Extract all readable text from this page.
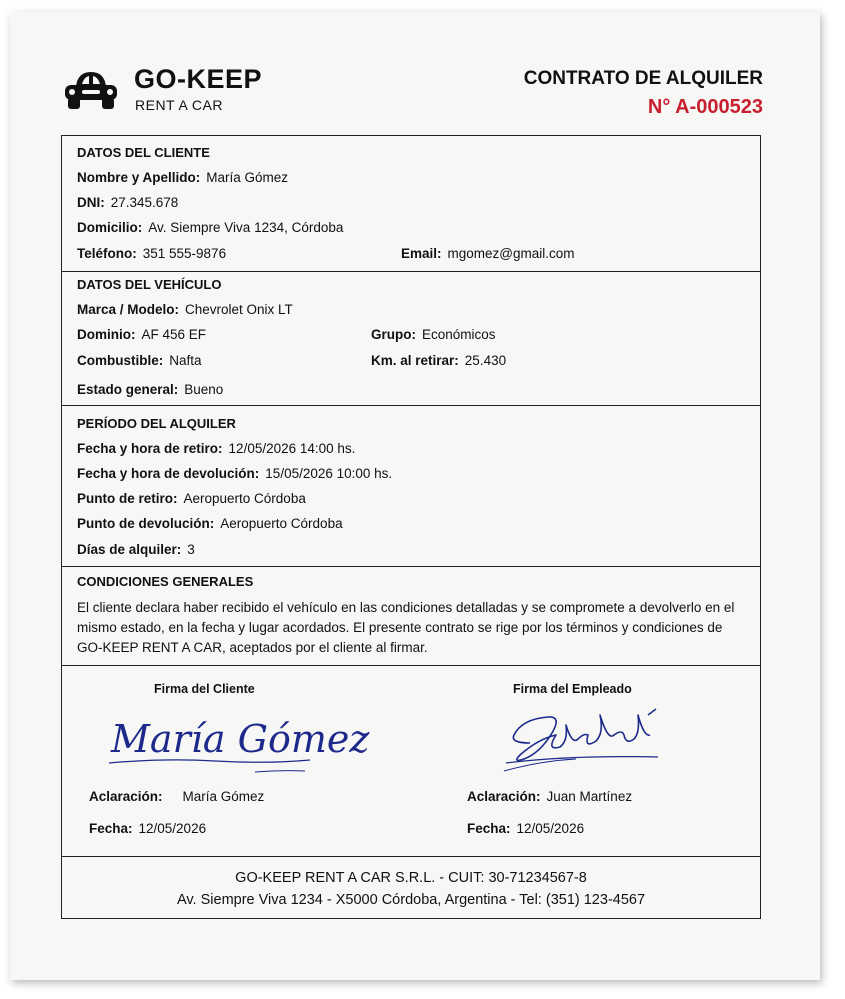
GO-KEEP
RENT A CAR
CONTRATO DE ALQUILER
N° A-000523
DATOS DEL CLIENTE
Nombre y Apellido: María Gómez
DNI: 27.345.678
Domicilio: Av. Siempre Viva 1234, Córdoba
Teléfono: 351 555-9876	Email: mgomez@gmail.com
DATOS DEL VEHÍCULO
Marca / Modelo: Chevrolet Onix LT
Dominio: AF 456 EF	Grupo: Económicos
Combustible: Nafta	Km. al retirar: 25.430
Estado general: Bueno
PERÍODO DEL ALQUILER
Fecha y hora de retiro: 12/05/2026 14:00 hs.
Fecha y hora de devolución: 15/05/2026 10:00 hs.
Punto de retiro: Aeropuerto Córdoba
Punto de devolución: Aeropuerto Córdoba
Días de alquiler: 3
CONDICIONES GENERALES
El cliente declara haber recibido el vehículo en las condiciones detalladas y se compromete a devolverlo en el mismo estado, en la fecha y lugar acordados. El presente contrato se rige por los términos y condiciones de GO-KEEP RENT A CAR, aceptados por el cliente al firmar.
Firma del Cliente	Firma del Empleado
María Gómez
Aclaración: María Gómez	Aclaración: Juan Martínez
Fecha: 12/05/2026	Fecha: 12/05/2026
GO-KEEP RENT A CAR S.R.L. - CUIT: 30-71234567-8
Av. Siempre Viva 1234 - X5000 Córdoba, Argentina - Tel: (351) 123-4567
